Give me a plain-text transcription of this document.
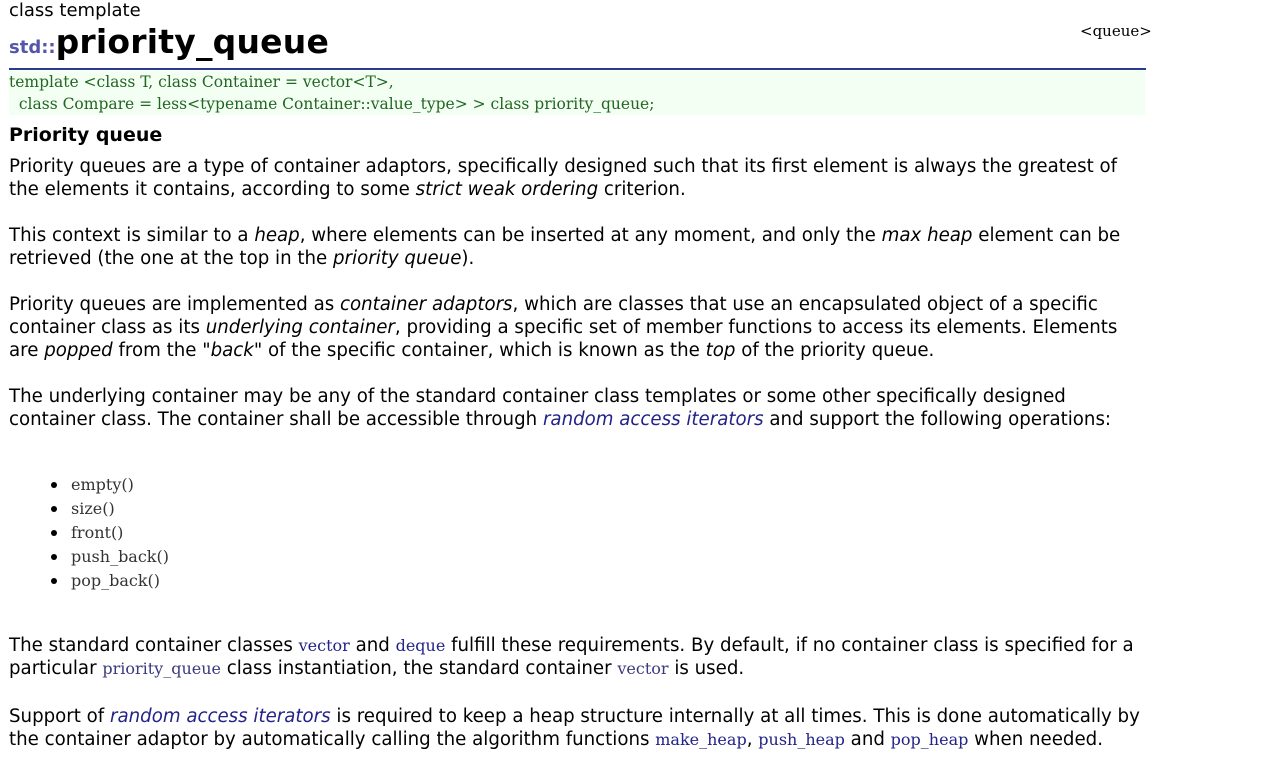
class template
<queue>
std::priority_queue
template <class T, class Container = vector<T>,
class Compare = less<typename Container::value_type> > class priority_queue;
Priority queue

Priority queues are a type of container adaptors, specifically designed such that its first element is always the greatest of the elements it contains, according to some strict weak ordering criterion.

This context is similar to a heap, where elements can be inserted at any moment, and only the max heap element can be retrieved (the one at the top in the priority queue).

Priority queues are implemented as container adaptors, which are classes that use an encapsulated object of a specific container class as its underlying container, providing a specific set of member functions to access its elements. Elements are popped from the "back" of the specific container, which is known as the top of the priority queue.

The underlying container may be any of the standard container class templates or some other specifically designed container class. The container shall be accessible through random access iterators and support the following operations:

empty()
size()
front()
push_back()
pop_back()

The standard container classes vector and deque fulfill these requirements. By default, if no container class is specified for a particular priority_queue class instantiation, the standard container vector is used.

Support of random access iterators is required to keep a heap structure internally at all times. This is done automatically by the container adaptor by automatically calling the algorithm functions make_heap, push_heap and pop_heap when needed.
